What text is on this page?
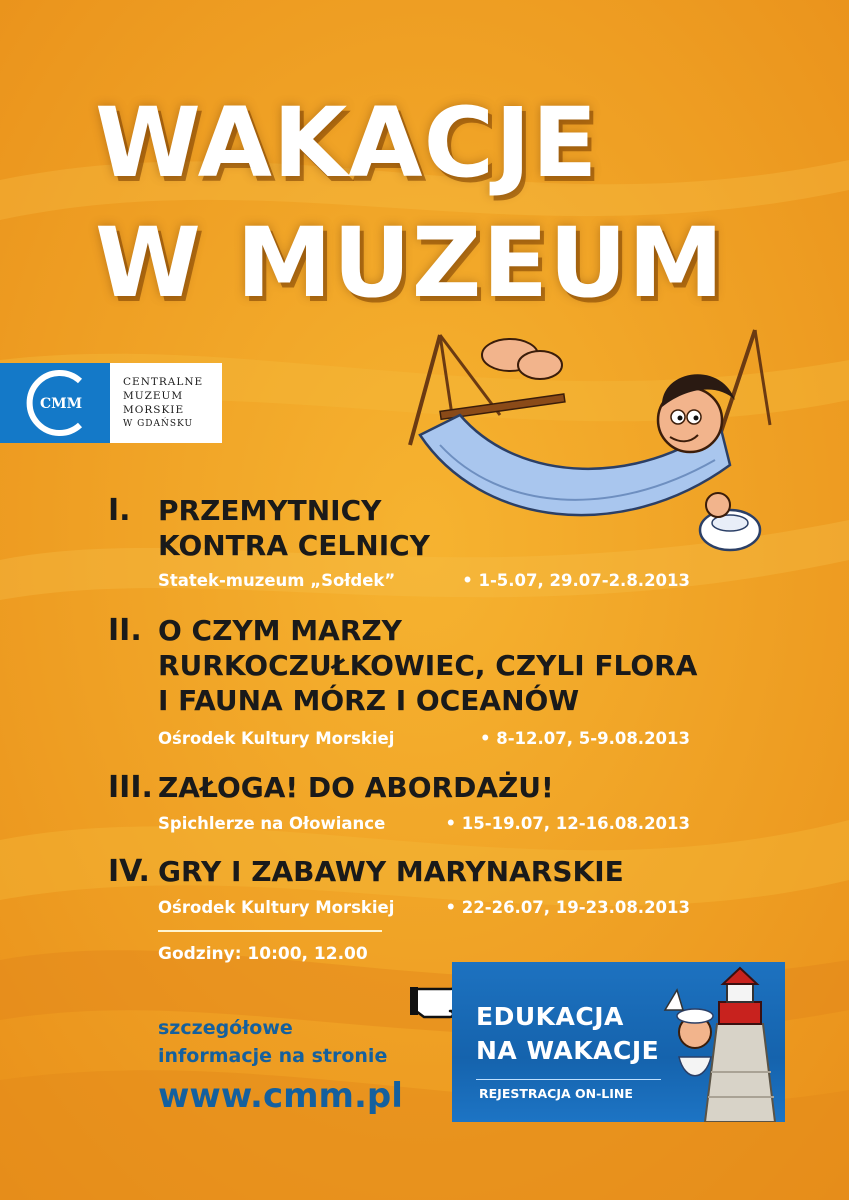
WAKACJE
W MUZEUM
CMM
CENTRALNE
MUZEUM
MORSKIE
W GDAŃSKU
I. PRZEMYTNICY
KONTRA CELNICY
Statek-muzeum „Sołdek”	• 1-5.07, 29.07-2.8.2013
II. O CZYM MARZY
RURKOCZUŁKOWIEC, CZYLI FLORA
I FAUNA MÓRZ I OCEANÓW
Ośrodek Kultury Morskiej	• 8-12.07, 5-9.08.2013
III. ZAŁOGA! DO ABORDAŻU!
Spichlerze na Ołowiance	• 15-19.07, 12-16.08.2013
IV. GRY I ZABAWY MARYNARSKIE
Ośrodek Kultury Morskiej	• 22-26.07, 19-23.08.2013
Godziny: 10:00, 12.00
szczegółowe
informacje na stronie
www.cmm.pl
EDUKACJA
NA WAKACJE
REJESTRACJA ON-LINE
